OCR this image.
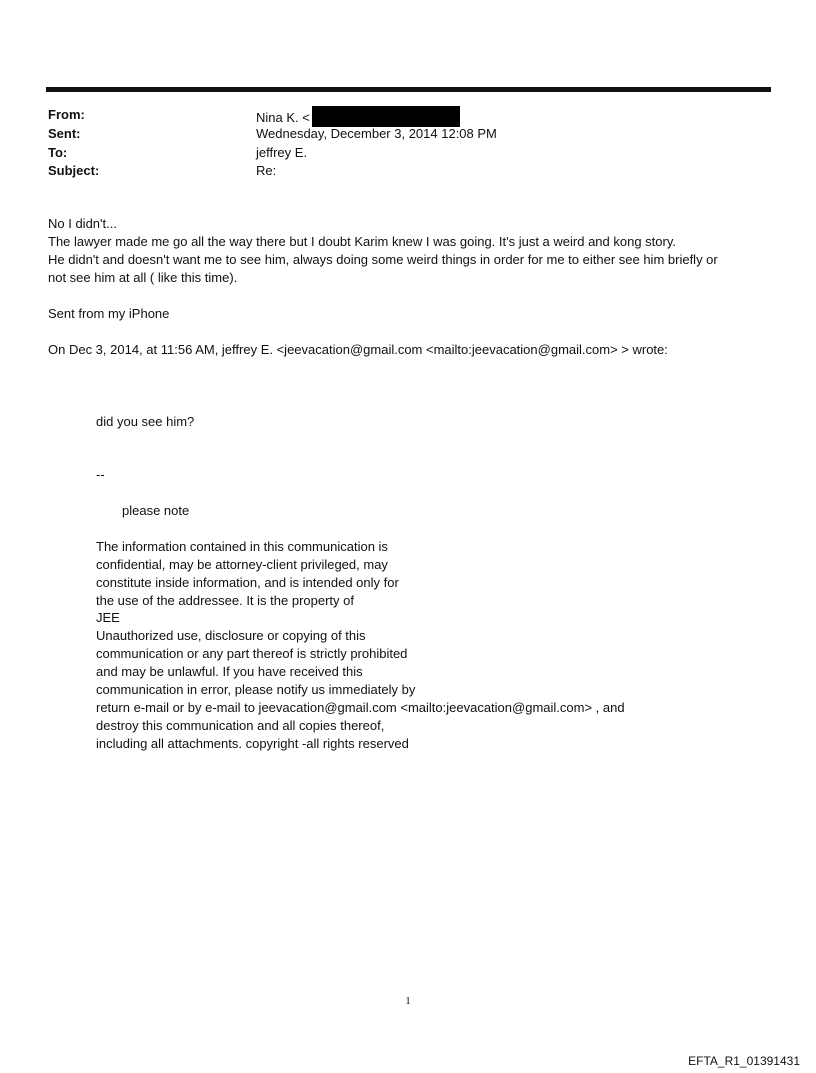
From:	Nina K. <
Sent:	Wednesday, December 3, 2014 12:08 PM
To:	jeffrey E.
Subject:	Re:
No I didn't...
The lawyer made me go all the way there but I doubt Karim knew I was going. It's just a weird and kong story.
He didn't and doesn't want me to see him, always doing some weird things in order for me to either see him briefly or
not see him at all ( like this time).
Sent from my iPhone
On Dec 3, 2014, at 11:56 AM, jeffrey E. <jeevacation@gmail.com <mailto:jeevacation@gmail.com> > wrote:
did you see him?
--
please note
The information contained in this communication is
confidential, may be attorney-client privileged, may
constitute inside information, and is intended only for
the use of the addressee. It is the property of
JEE
Unauthorized use, disclosure or copying of this
communication or any part thereof is strictly prohibited
and may be unlawful. If you have received this
communication in error, please notify us immediately by
return e-mail or by e-mail to jeevacation@gmail.com <mailto:jeevacation@gmail.com> , and
destroy this communication and all copies thereof,
including all attachments. copyright -all rights reserved
1
EFTA_R1_01391431
